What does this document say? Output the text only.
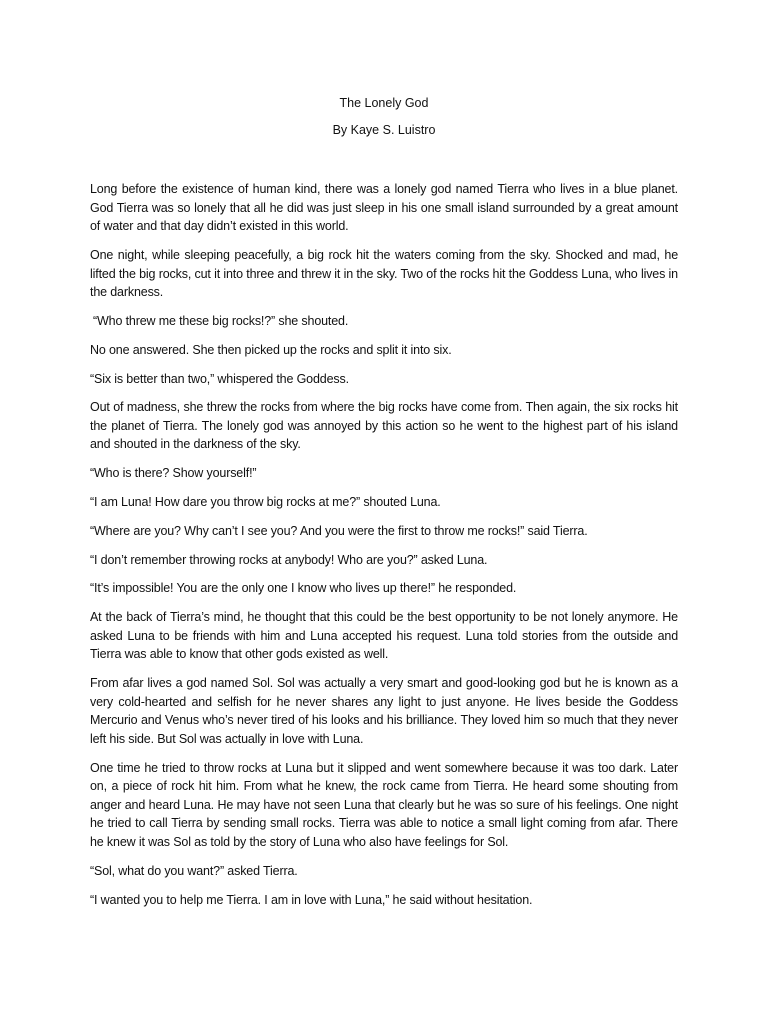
The Lonely God

By Kaye S. Luistro

Long before the existence of human kind, there was a lonely god named Tierra who lives in a blue planet. God Tierra was so lonely that all he did was just sleep in his one small island surrounded by a great amount of water and that day didn’t existed in this world.

One night, while sleeping peacefully, a big rock hit the waters coming from the sky. Shocked and mad, he lifted the big rocks, cut it into three and threw it in the sky. Two of the rocks hit the Goddess Luna, who lives in the darkness.

“Who threw me these big rocks!?” she shouted.

No one answered. She then picked up the rocks and split it into six.

“Six is better than two,” whispered the Goddess.

Out of madness, she threw the rocks from where the big rocks have come from. Then again, the six rocks hit the planet of Tierra. The lonely god was annoyed by this action so he went to the highest part of his island and shouted in the darkness of the sky.

“Who is there? Show yourself!”

“I am Luna! How dare you throw big rocks at me?” shouted Luna.

“Where are you? Why can’t I see you? And you were the first to throw me rocks!” said Tierra.

“I don’t remember throwing rocks at anybody! Who are you?” asked Luna.

“It’s impossible! You are the only one I know who lives up there!” he responded.

At the back of Tierra’s mind, he thought that this could be the best opportunity to be not lonely anymore. He asked Luna to be friends with him and Luna accepted his request. Luna told stories from the outside and Tierra was able to know that other gods existed as well.

From afar lives a god named Sol. Sol was actually a very smart and good-looking god but he is known as a very cold-hearted and selfish for he never shares any light to just anyone. He lives beside the Goddess Mercurio and Venus who’s never tired of his looks and his brilliance. They loved him so much that they never left his side. But Sol was actually in love with Luna.

One time he tried to throw rocks at Luna but it slipped and went somewhere because it was too dark. Later on, a piece of rock hit him. From what he knew, the rock came from Tierra. He heard some shouting from anger and heard Luna. He may have not seen Luna that clearly but he was so sure of his feelings. One night he tried to call Tierra by sending small rocks. Tierra was able to notice a small light coming from afar. There he knew it was Sol as told by the story of Luna who also have feelings for Sol.

“Sol, what do you want?” asked Tierra.

“I wanted you to help me Tierra. I am in love with Luna,” he said without hesitation.
